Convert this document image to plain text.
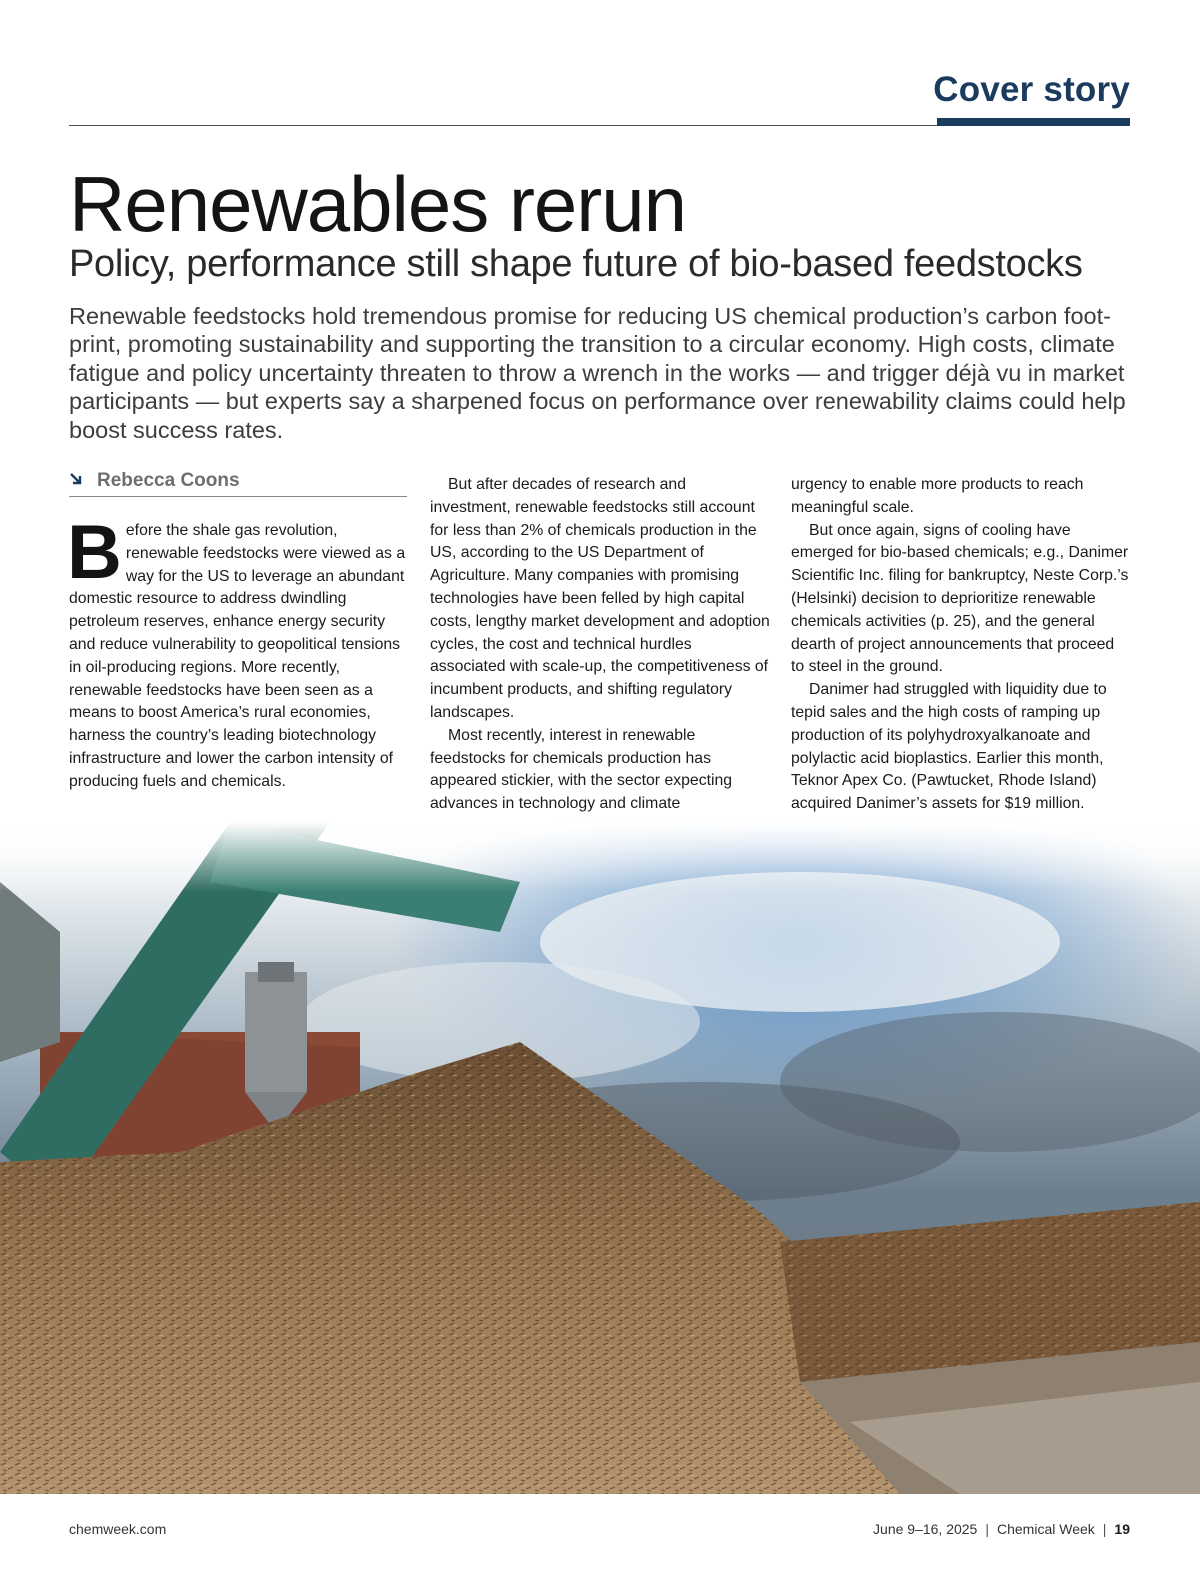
Cover story
Renewables rerun
Policy, performance still shape future of bio-based feedstocks
Renewable feedstocks hold tremendous promise for reducing US chemical production’s carbon foot-
print, promoting sustainability and supporting the transition to a circular economy. High costs, climate
fatigue and policy uncertainty threaten to throw a wrench in the works — and trigger déjà vu in market
participants — but experts say a sharpened focus on performance over renewability claims could help
boost success rates.
Rebecca Coons

Before the shale gas revolution, renewable feedstocks were viewed as a way for the US to leverage an abundant domestic resource to address dwindling petroleum reserves, enhance energy security and reduce vulnerability to geopolitical tensions in oil-producing regions. More recently, renewable feedstocks have been seen as a means to boost America’s rural economies, harness the country’s leading biotechnology infrastructure and lower the carbon intensity of producing fuels and chemicals.

But after decades of research and investment, renewable feedstocks still account for less than 2% of chemicals production in the US, according to the US Department of Agriculture. Many companies with promising technologies have been felled by high capital costs, lengthy market development and adoption cycles, the cost and technical hurdles associated with scale-up, the competitiveness of incumbent products, and shifting regulatory landscapes.

Most recently, interest in renewable feedstocks for chemicals production has appeared stickier, with the sector expecting advances in technology and climate

urgency to enable more products to reach meaningful scale.

But once again, signs of cooling have emerged for bio-based chemicals; e.g., Danimer Scientific Inc. filing for bankruptcy, Neste Corp.’s (Helsinki) decision to deprioritize renewable chemicals activities (p. 25), and the general dearth of project announcements that proceed to steel in the ground.

Danimer had struggled with liquidity due to tepid sales and the high costs of ramping up production of its polyhydroxyalkanoate and polylactic acid bioplastics. Earlier this month, Teknor Apex Co. (Pawtucket, Rhode Island) acquired Danimer’s assets for $19 million.

chemweek.com	June 9–16, 2025 | Chemical Week | 19
